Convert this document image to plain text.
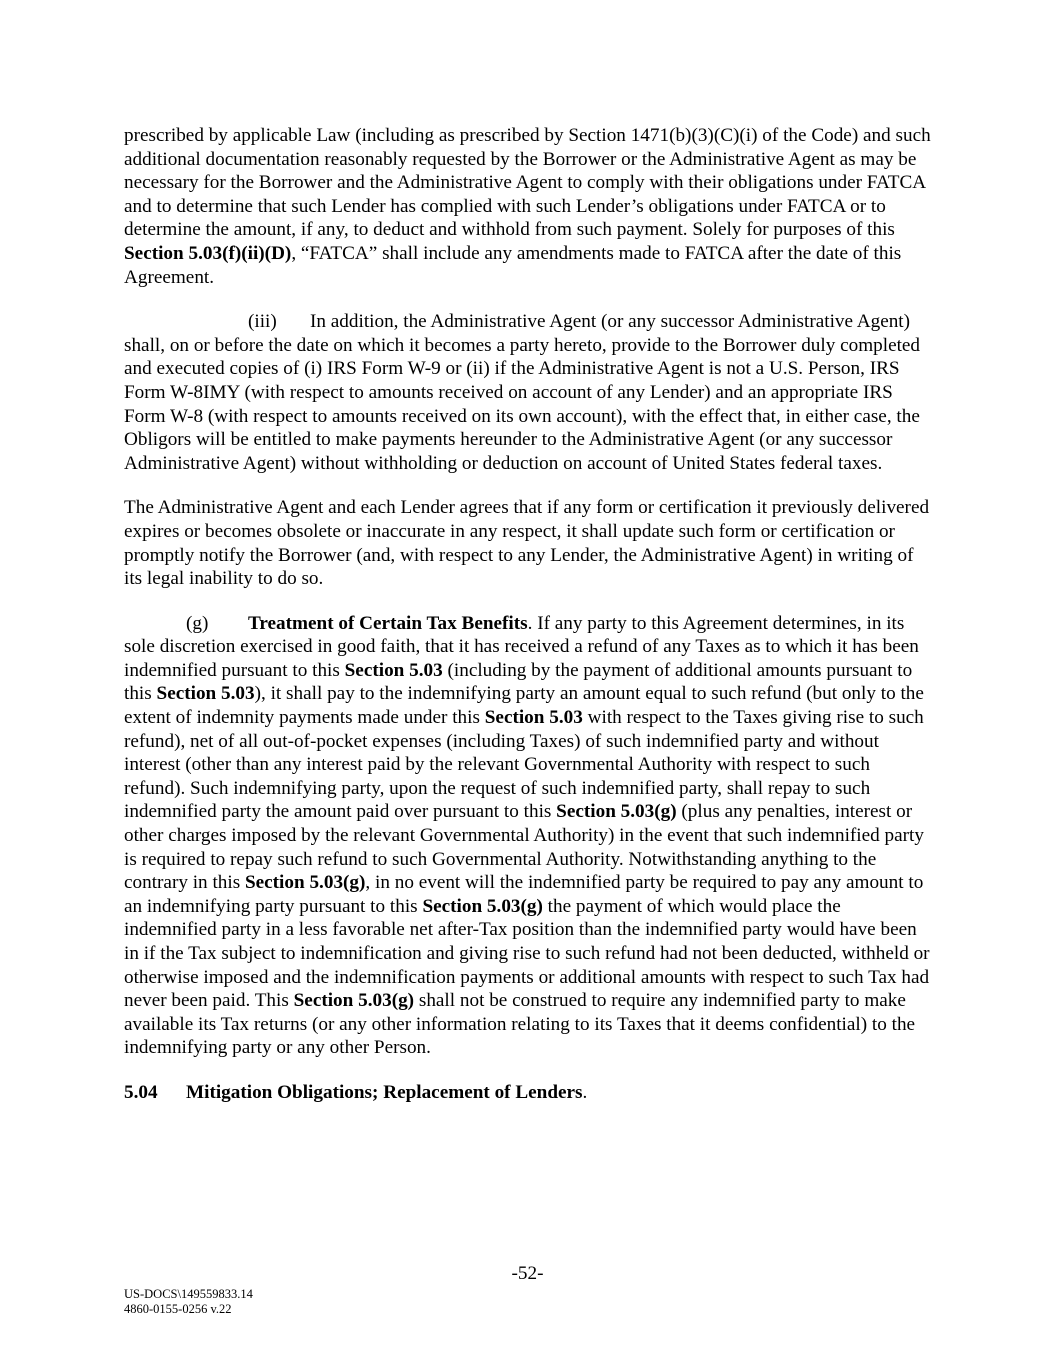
prescribed by applicable Law (including as prescribed by Section 1471(b)(3)(C)(i) of the Code) and such additional documentation reasonably requested by the Borrower or the Administrative Agent as may be necessary for the Borrower and the Administrative Agent to comply with their obligations under FATCA and to determine that such Lender has complied with such Lender’s obligations under FATCA or to determine the amount, if any, to deduct and withhold from such payment. Solely for purposes of this Section 5.03(f)(ii)(D), “FATCA” shall include any amendments made to FATCA after the date of this Agreement.

(iii) In addition, the Administrative Agent (or any successor Administrative Agent) shall, on or before the date on which it becomes a party hereto, provide to the Borrower duly completed and executed copies of (i) IRS Form W-9 or (ii) if the Administrative Agent is not a U.S. Person, IRS Form W-8IMY (with respect to amounts received on account of any Lender) and an appropriate IRS Form W-8 (with respect to amounts received on its own account), with the effect that, in either case, the Obligors will be entitled to make payments hereunder to the Administrative Agent (or any successor Administrative Agent) without withholding or deduction on account of United States federal taxes.

The Administrative Agent and each Lender agrees that if any form or certification it previously delivered expires or becomes obsolete or inaccurate in any respect, it shall update such form or certification or promptly notify the Borrower (and, with respect to any Lender, the Administrative Agent) in writing of its legal inability to do so.

(g) Treatment of Certain Tax Benefits. If any party to this Agreement determines, in its sole discretion exercised in good faith, that it has received a refund of any Taxes as to which it has been indemnified pursuant to this Section 5.03 (including by the payment of additional amounts pursuant to this Section 5.03), it shall pay to the indemnifying party an amount equal to such refund (but only to the extent of indemnity payments made under this Section 5.03 with respect to the Taxes giving rise to such refund), net of all out-of-pocket expenses (including Taxes) of such indemnified party and without interest (other than any interest paid by the relevant Governmental Authority with respect to such refund). Such indemnifying party, upon the request of such indemnified party, shall repay to such indemnified party the amount paid over pursuant to this Section 5.03(g) (plus any penalties, interest or other charges imposed by the relevant Governmental Authority) in the event that such indemnified party is required to repay such refund to such Governmental Authority. Notwithstanding anything to the contrary in this Section 5.03(g), in no event will the indemnified party be required to pay any amount to an indemnifying party pursuant to this Section 5.03(g) the payment of which would place the indemnified party in a less favorable net after-Tax position than the indemnified party would have been in if the Tax subject to indemnification and giving rise to such refund had not been deducted, withheld or otherwise imposed and the indemnification payments or additional amounts with respect to such Tax had never been paid. This Section 5.03(g) shall not be construed to require any indemnified party to make available its Tax returns (or any other information relating to its Taxes that it deems confidential) to the indemnifying party or any other Person.

5.04 Mitigation Obligations; Replacement of Lenders.

-52-
US-DOCS\149559833.14
4860-0155-0256 v.22
